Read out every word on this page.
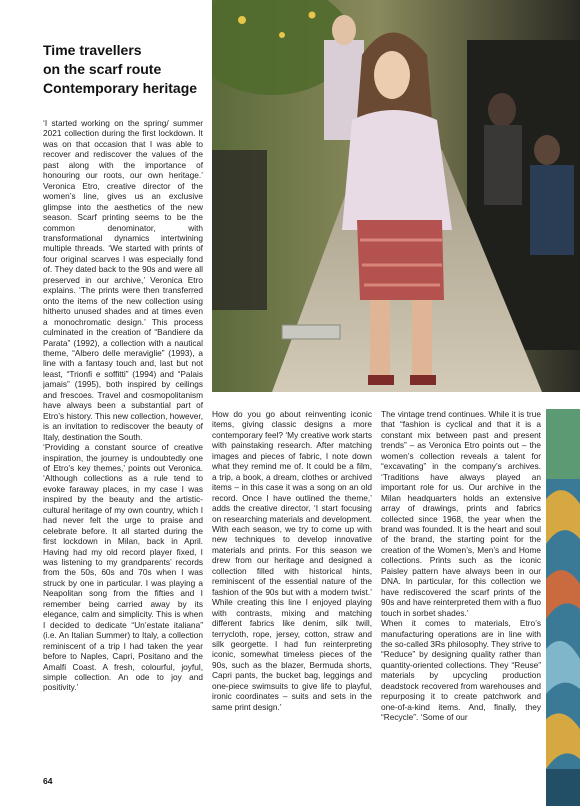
Time travellers
on the scarf route
Contemporary heritage

‘I started working on the spring/ summer 2021 collection during the first lockdown. It was on that occasion that I was able to recover and rediscover the values of the past along with the importance of honouring our roots, our own heritage.’ Veronica Etro, creative director of the women’s line, gives us an exclusive glimpse into the aesthetics of the new season. Scarf printing seems to be the common denominator, with transformational dynamics intertwining multiple threads. ‘We started with prints of four original scarves I was especially fond of. They dated back to the 90s and were all preserved in our archive,’ Veronica Etro explains. ‘The prints were then transferred onto the items of the new collection using hitherto unused shades and at times even a monochromatic design.’ This process culminated in the creation of “Bandiere da Parata” (1992), a collection with a nautical theme, “Albero delle meraviglie” (1993), a line with a fantasy touch and, last but not least, “Trionfi e soffitti” (1994) and “Palais jamais” (1995), both inspired by ceilings and frescoes. Travel and cosmopolitanism have always been a substantial part of Etro’s history. This new collection, however, is an invitation to rediscover the beauty of Italy, destination the South.

‘Providing a constant source of creative inspiration, the journey is undoubtedly one of Etro’s key themes,’ points out Veronica. ‘Although collections as a rule tend to evoke faraway places, in my case I was inspired by the beauty and the artistic-cultural heritage of my own country, which I had never felt the urge to praise and celebrate before. It all started during the first lockdown in Milan, back in April. Having had my old record player fixed, I was listening to my grandparents’ records from the 50s, 60s and 70s when I was struck by one in particular. I was playing a Neapolitan song from the fifties and I remember being carried away by its elegance, calm and simplicity. This is when I decided to dedicate “Un’estate italiana” (i.e. An Italian Summer) to Italy, a collection reminiscent of a trip I had taken the year before to Naples, Capri, Positano and the Amalfi Coast. A fresh, colourful, joyful, simple collection. An ode to joy and positivity.’

How do you go about reinventing iconic items, giving classic designs a more contemporary feel? ‘My creative work starts with painstaking research. After matching images and pieces of fabric, I note down what they remind me of. It could be a film, a trip, a book, a dream, clothes or archived items – in this case it was a song on an old record. Once I have outlined the theme,’ adds the creative director, ‘I start focusing on researching materials and development. With each season, we try to come up with new techniques to develop innovative materials and prints. For this season we drew from our heritage and designed a collection filled with historical hints, reminiscent of the essential nature of the fashion of the 90s but with a modern twist.’ While creating this line I enjoyed playing with contrasts, mixing and matching different fabrics like denim, silk twill, terrycloth, rope, jersey, cotton, straw and silk georgette. I had fun reinterpreting iconic, somewhat timeless pieces of the 90s, such as the blazer, Bermuda shorts, Capri pants, the bucket bag, leggings and one-piece swimsuits to give life to playful, ironic coordinates – suits and sets in the same print design.’

The vintage trend continues. While it is true that “fashion is cyclical and that it is a constant mix between past and present trends” – as Veronica Etro points out – the women’s collection reveals a talent for “excavating” in the company’s archives. ‘Traditions have always played an important role for us. Our archive in the Milan headquarters holds an extensive array of drawings, prints and fabrics collected since 1968, the year when the brand was founded. It is the heart and soul of the brand, the starting point for the creation of the Women’s, Men’s and Home collections. Prints such as the iconic Paisley pattern have always been in our DNA. In particular, for this collection we have rediscovered the scarf prints of the 90s and have reinterpreted them with a fluo touch in sorbet shades.’

When it comes to materials, Etro’s manufacturing operations are in line with the so-called 3Rs philosophy. They strive to “Reduce” by designing quality rather than quantity-oriented collections. They “Reuse” materials by upcycling production deadstock recovered from warehouses and repurposing it to create patchwork and one-of-a-kind items. And, finally, they “Recycle”. ‘Some of our

64
